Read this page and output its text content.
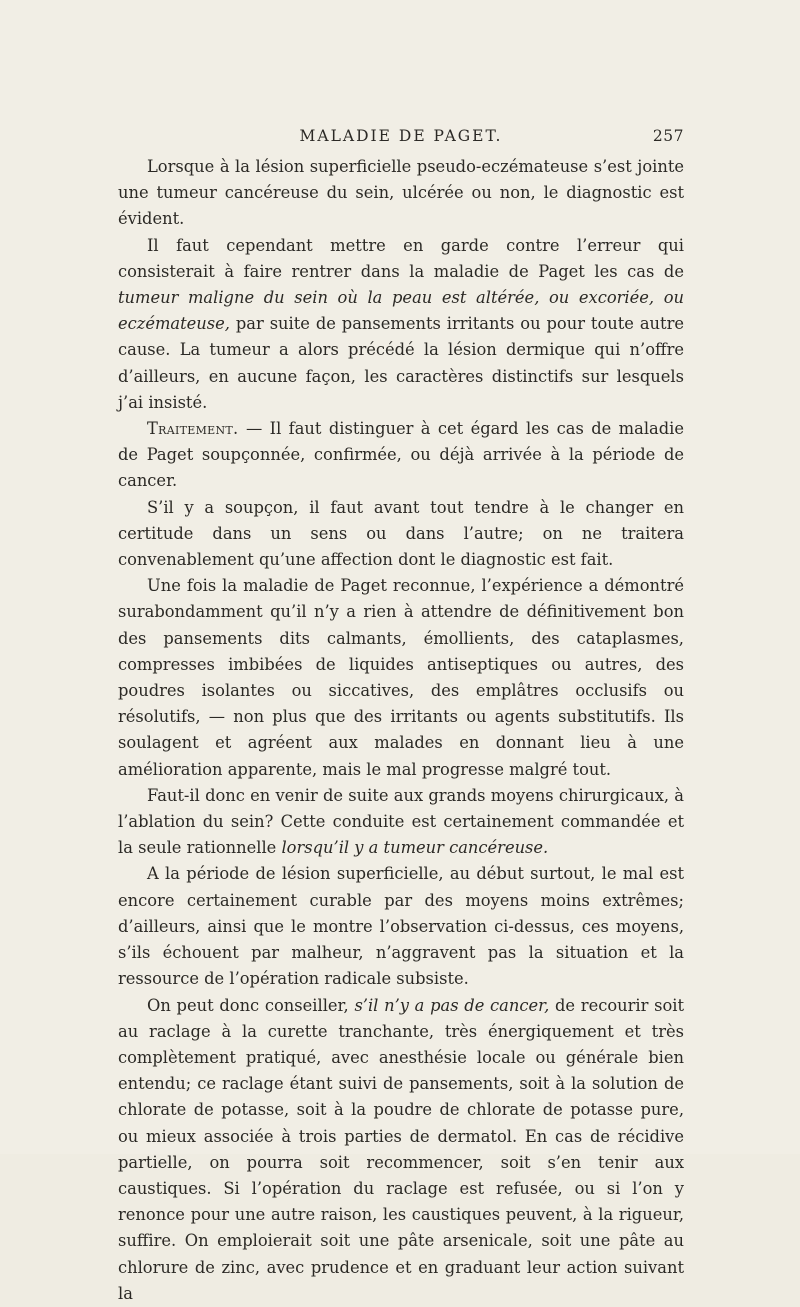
MALADIE DE PAGET.	257

Lorsque à la lésion superficielle pseudo-eczémateuse s’est jointe une tumeur cancéreuse du sein, ulcérée ou non, le diagnostic est évident.

Il faut cependant mettre en garde contre l’erreur qui consisterait à faire rentrer dans la maladie de Paget les cas de tumeur maligne du sein où la peau est altérée, ou excoriée, ou eczémateuse, par suite de pansements irritants ou pour toute autre cause. La tumeur a alors précédé la lésion dermique qui n’offre d’ailleurs, en aucune façon, les caractères distinctifs sur lesquels j’ai insisté.

Traitement. — Il faut distinguer à cet égard les cas de maladie de Paget soupçonnée, confirmée, ou déjà arrivée à la période de cancer.

S’il y a soupçon, il faut avant tout tendre à le changer en certitude dans un sens ou dans l’autre; on ne traitera convenablement qu’une affection dont le diagnostic est fait.

Une fois la maladie de Paget reconnue, l’expérience a démontré surabondamment qu’il n’y a rien à attendre de définitivement bon des pansements dits calmants, émollients, des cataplasmes, compresses imbibées de liquides antiseptiques ou autres, des poudres isolantes ou siccatives, des emplâtres occlusifs ou résolutifs, — non plus que des irritants ou agents substitutifs. Ils soulagent et agréent aux malades en donnant lieu à une amélioration apparente, mais le mal progresse malgré tout.

Faut-il donc en venir de suite aux grands moyens chirurgicaux, à l’ablation du sein? Cette conduite est certainement commandée et la seule rationnelle lorsqu’il y a tumeur cancéreuse.

A la période de lésion superficielle, au début surtout, le mal est encore certainement curable par des moyens moins extrêmes; d’ailleurs, ainsi que le montre l’observation ci-dessus, ces moyens, s’ils échouent par malheur, n’aggravent pas la situation et la ressource de l’opération radicale subsiste.

On peut donc conseiller, s’il n’y a pas de cancer, de recourir soit au raclage à la curette tranchante, très énergiquement et très complètement pratiqué, avec anesthésie locale ou générale bien entendu; ce raclage étant suivi de pansements, soit à la solution de chlorate de potasse, soit à la poudre de chlorate de potasse pure, ou mieux associée à trois parties de dermatol. En cas de récidive partielle, on pourra soit recommencer, soit s’en tenir aux caustiques. Si l’opération du raclage est refusée, ou si l’on y renonce pour une autre raison, les caustiques peuvent, à la rigueur, suffire. On emploierait soit une pâte arsenicale, soit une pâte au chlorure de zinc, avec prudence et en graduant leur action suivant la
